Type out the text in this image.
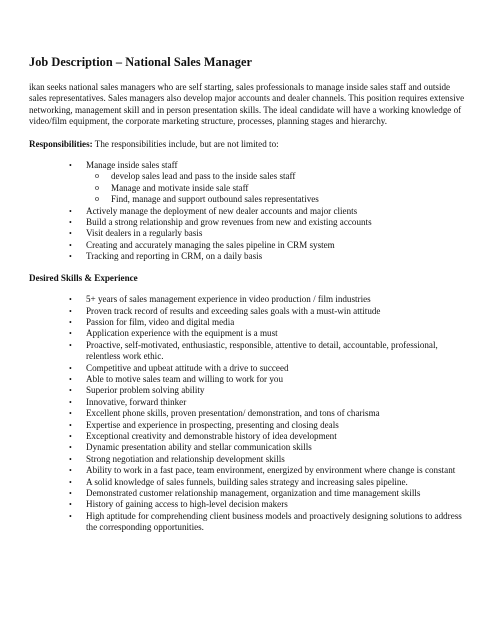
Job Description – National Sales Manager

ikan seeks national sales managers who are self starting, sales professionals to manage inside sales staff and outside sales representatives. Sales managers also develop major accounts and dealer channels. This position requires extensive networking, management skill and in person presentation skills. The ideal candidate will have a working knowledge of video/film equipment, the corporate marketing structure, processes, planning stages and hierarchy.

Responsibilities: The responsibilities include, but are not limited to:

• Manage inside sales staff
o develop sales lead and pass to the inside sales staff
o Manage and motivate inside sale staff
o Find, manage and support outbound sales representatives
• Actively manage the deployment of new dealer accounts and major clients
• Build a strong relationship and grow revenues from new and existing accounts
• Visit dealers in a regularly basis
• Creating and accurately managing the sales pipeline in CRM system
• Tracking and reporting in CRM, on a daily basis
Desired Skills & Experience
• 5+ years of sales management experience in video production / film industries
• Proven track record of results and exceeding sales goals with a must-win attitude
• Passion for film, video and digital media
• Application experience with the equipment is a must
• Proactive, self-motivated, enthusiastic, responsible, attentive to detail, accountable, professional, relentless work ethic.
• Competitive and upbeat attitude with a drive to succeed
• Able to motive sales team and willing to work for you
• Superior problem solving ability
• Innovative, forward thinker
• Excellent phone skills, proven presentation/ demonstration, and tons of charisma
• Expertise and experience in prospecting, presenting and closing deals
• Exceptional creativity and demonstrable history of idea development
• Dynamic presentation ability and stellar communication skills
• Strong negotiation and relationship development skills
• Ability to work in a fast pace, team environment, energized by environment where change is constant
• A solid knowledge of sales funnels, building sales strategy and increasing sales pipeline.
• Demonstrated customer relationship management, organization and time management skills
• History of gaining access to high-level decision makers
• High aptitude for comprehending client business models and proactively designing solutions to address the corresponding opportunities.
